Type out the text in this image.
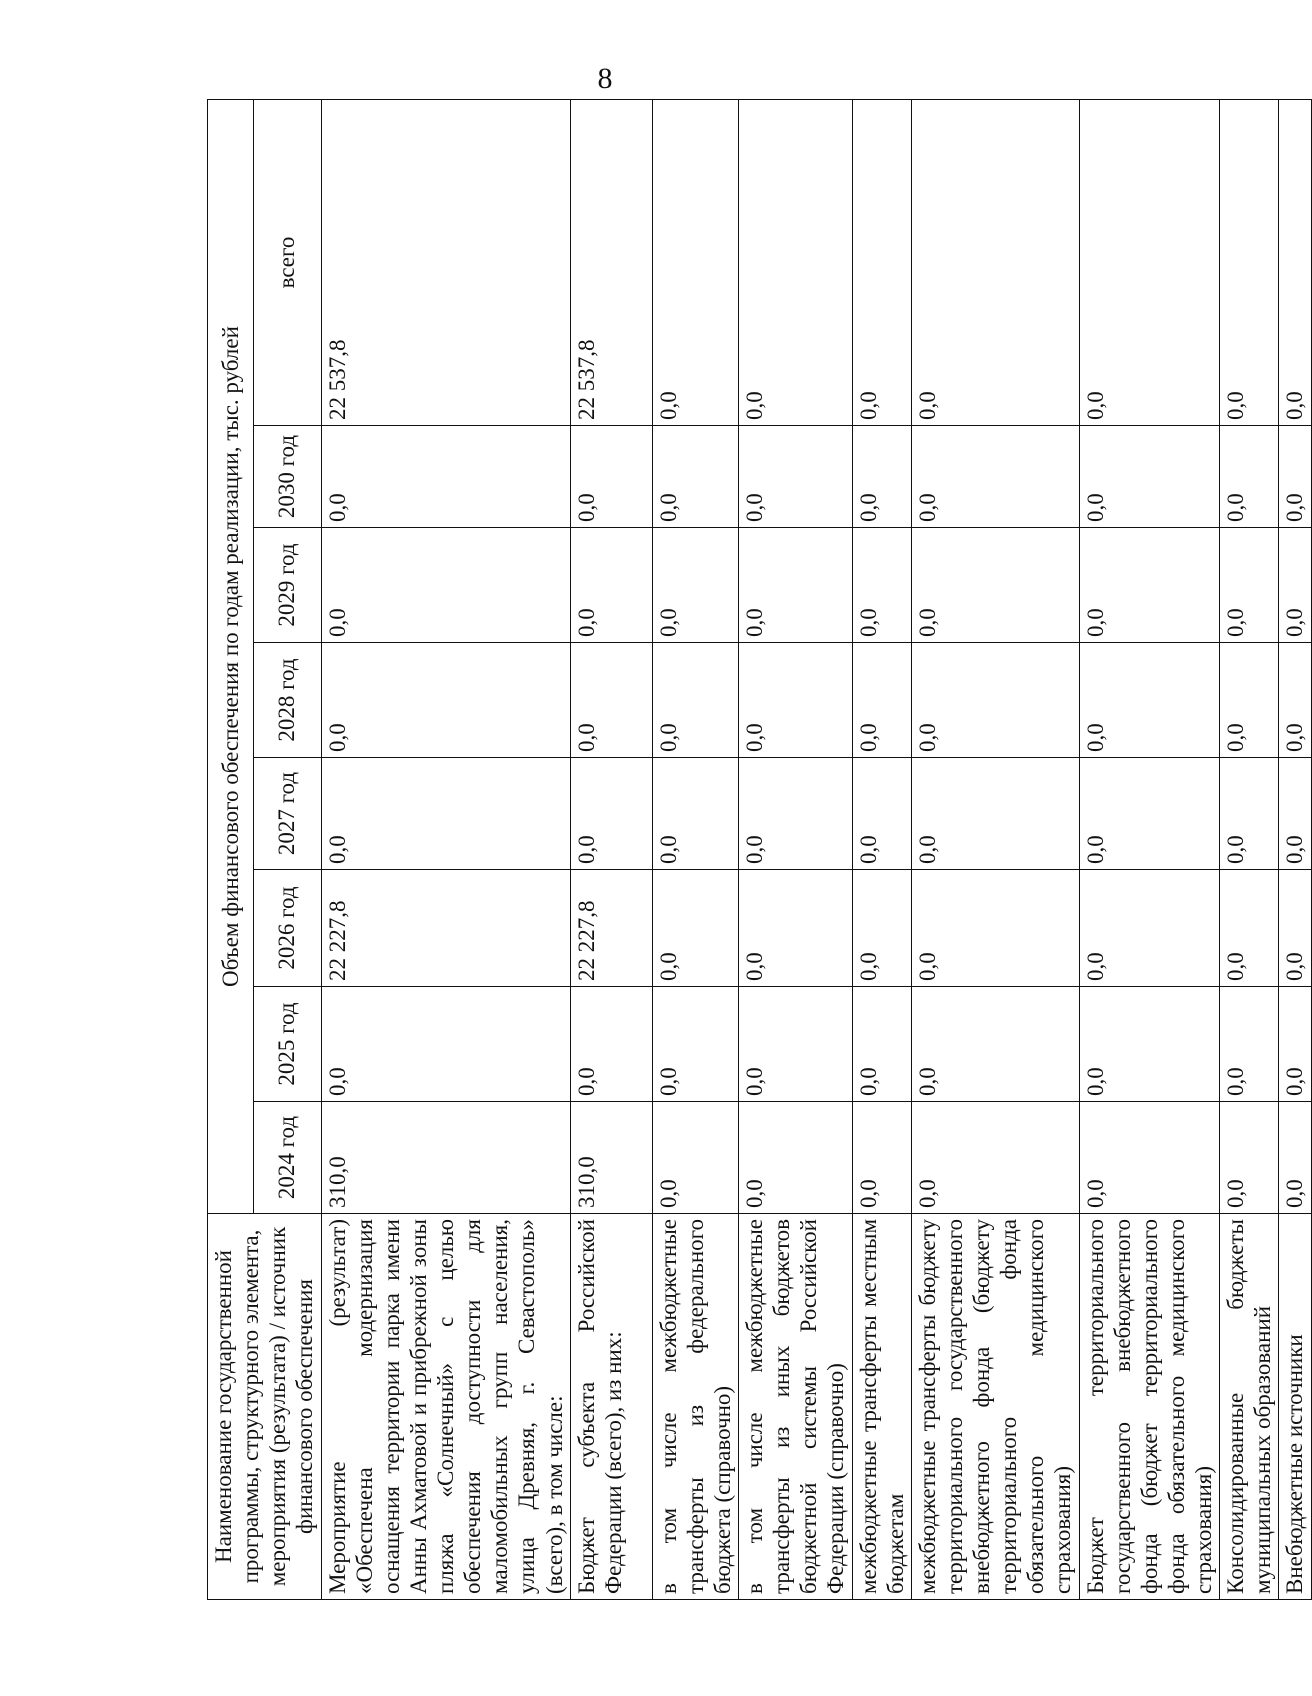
8
Наименование государственной программы, структурного элемента, мероприятия (результата) / источник финансового обеспечения	Объем финансового обеспечения по годам реализации, тыс. рублей							
	2024 год	2025 год	2026 год	2027 год	2028 год	2029 год	2030 год	всего
Мероприятие (результат) «Обеспечена модернизация оснащения территории парка имени Анны Ахматовой и прибрежной зоны пляжа «Солнечный» с целью обеспечения доступности для маломобильных групп населения, улица Древняя, г. Севастополь» (всего), в том числе:	310,0	0,0	22 227,8	0,0	0,0	0,0	0,0	22 537,8
Бюджет субъекта Российской Федерации (всего), из них:	310,0	0,0	22 227,8	0,0	0,0	0,0	0,0	22 537,8
в том числе межбюджетные трансферты из федерального бюджета (справочно)	0,0	0,0	0,0	0,0	0,0	0,0	0,0	0,0
в том числе межбюджетные трансферты из иных бюджетов бюджетной системы Российской Федерации (справочно)	0,0	0,0	0,0	0,0	0,0	0,0	0,0	0,0
межбюджетные трансферты местным бюджетам	0,0	0,0	0,0	0,0	0,0	0,0	0,0	0,0
межбюджетные трансферты бюджету территориального государственного внебюджетного фонда (бюджету территориального фонда обязательного медицинского страхования)	0,0	0,0	0,0	0,0	0,0	0,0	0,0	0,0
Бюджет территориального государственного внебюджетного фонда (бюджет территориального фонда обязательного медицинского страхования)	0,0	0,0	0,0	0,0	0,0	0,0	0,0	0,0
Консолидированные бюджеты муниципальных образований	0,0	0,0	0,0	0,0	0,0	0,0	0,0	0,0
Внебюджетные источники	0,0	0,0	0,0	0,0	0,0	0,0	0,0	0,0
